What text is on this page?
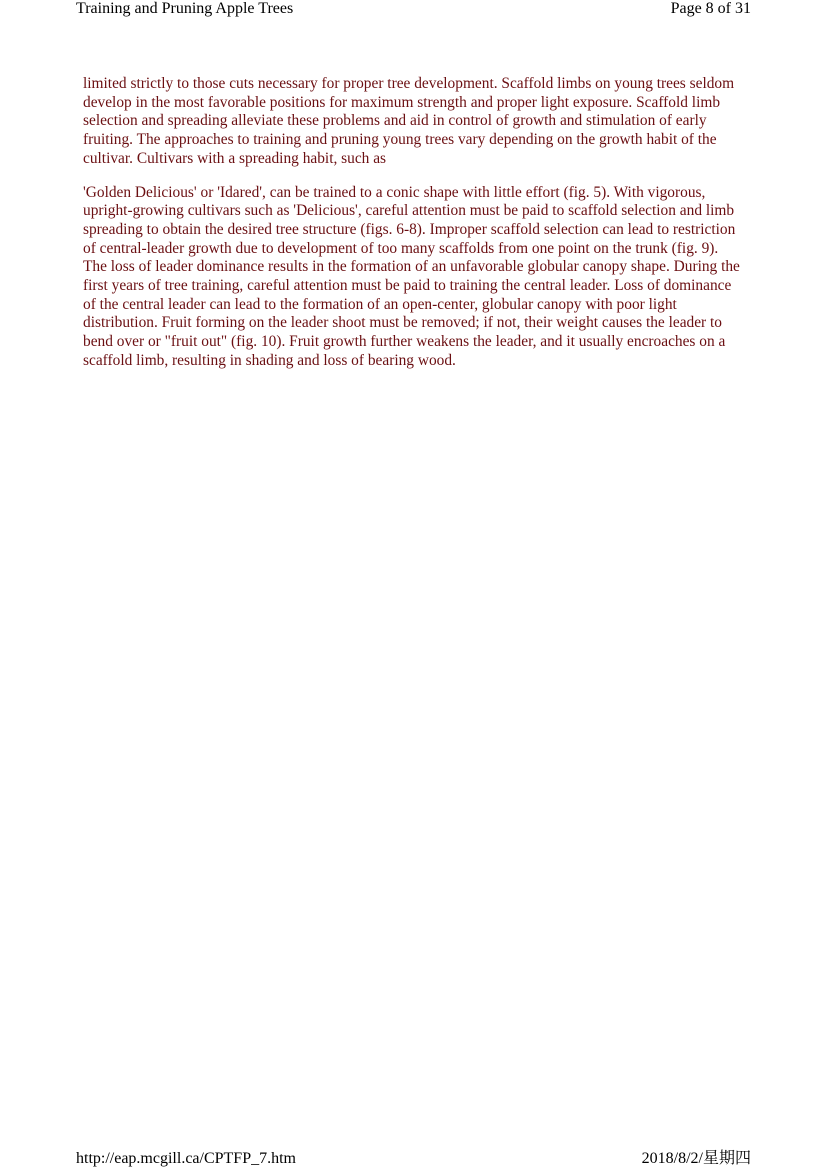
Training and Pruning Apple Trees	Page 8 of 31

limited strictly to those cuts necessary for proper tree development. Scaffold limbs on young trees seldom develop in the most favorable positions for maximum strength and proper light exposure. Scaffold limb selection and spreading alleviate these problems and aid in control of growth and stimulation of early fruiting. The approaches to training and pruning young trees vary depending on the growth habit of the cultivar. Cultivars with a spreading habit, such as

'Golden Delicious' or 'Idared', can be trained to a conic shape with little effort (fig. 5). With vigorous, upright-growing cultivars such as 'Delicious', careful attention must be paid to scaffold selection and limb spreading to obtain the desired tree structure (figs. 6-8). Improper scaffold selection can lead to restriction of central-leader growth due to development of too many scaffolds from one point on the trunk (fig. 9). The loss of leader dominance results in the formation of an unfavorable globular canopy shape. During the first years of tree training, careful attention must be paid to training the central leader. Loss of dominance of the central leader can lead to the formation of an open-center, globular canopy with poor light distribution. Fruit forming on the leader shoot must be removed; if not, their weight causes the leader to bend over or "fruit out" (fig. 10). Fruit growth further weakens the leader, and it usually encroaches on a scaffold limb, resulting in shading and loss of bearing wood.

http://eap.mcgill.ca/CPTFP_7.htm	2018/8/2/星期四
